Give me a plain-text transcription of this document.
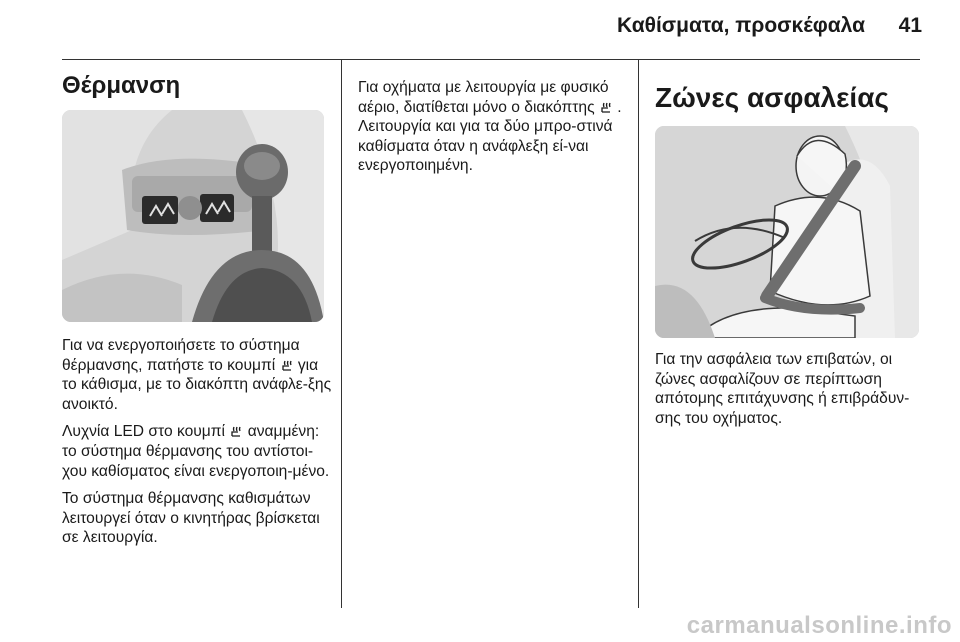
Καθίσματα, προσκέφαλα 41
Θέρμανση

Για να ενεργοποιήσετε το σύστημα θέρμανσης, πατήστε το κουμπί για το κάθισμα, με το διακόπτη ανάφλε-ξης ανοικτό.

Λυχνία LED στο κουμπί αναμμένη: το σύστημα θέρμανσης του αντίστοι-χου καθίσματος είναι ενεργοποιη-μένο.

Το σύστημα θέρμανσης καθισμάτων λειτουργεί όταν ο κινητήρας βρίσκεται σε λειτουργία.

Για οχήματα με λειτουργία με φυσικό αέριο, διατίθεται μόνο ο διακόπτης . Λειτουργία και για τα δύο μπρο-στινά καθίσματα όταν η ανάφλεξη εί-ναι ενεργοποιημένη.

Ζώνες ασφαλείας

Για την ασφάλεια των επιβατών, οι ζώνες ασφαλίζουν σε περίπτωση απότομης επιτάχυνσης ή επιβράδυν-σης του οχήματος.

carmanualsonline.info
